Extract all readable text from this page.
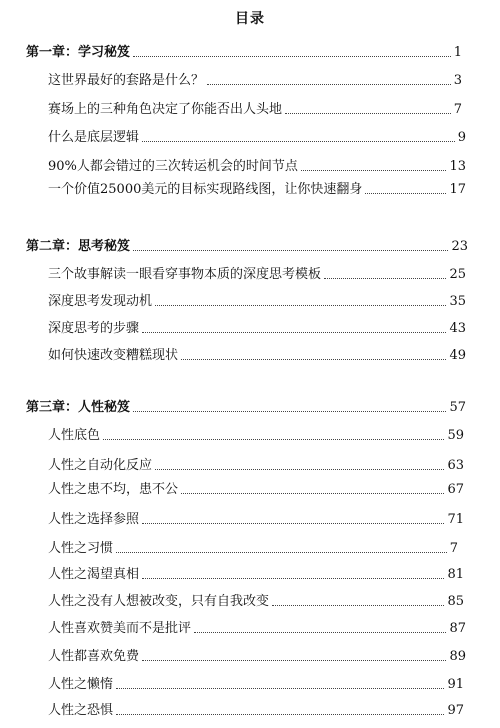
目录
第一章：学习秘笈	1
这世界最好的套路是什么？	3
赛场上的三种角色决定了你能否出人头地	7
什么是底层逻辑	9
90%人都会错过的三次转运机会的时间节点	13
一个价值25000美元的目标实现路线图，让你快速翻身	17
第二章：思考秘笈	23
三个故事解读一眼看穿事物本质的深度思考模板	25
深度思考发现动机	35
深度思考的步骤	43
如何快速改变糟糕现状	49
第三章：人性秘笈	57
人性底色	59
人性之自动化反应	63
人性之患不均，患不公	67
人性之选择参照	71
人性之习惯	7
人性之渴望真相	81
人性之没有人想被改变，只有自我改变	85
人性喜欢赞美而不是批评	87
人性都喜欢免费	89
人性之懒惰	91
人性之恐惧	97
